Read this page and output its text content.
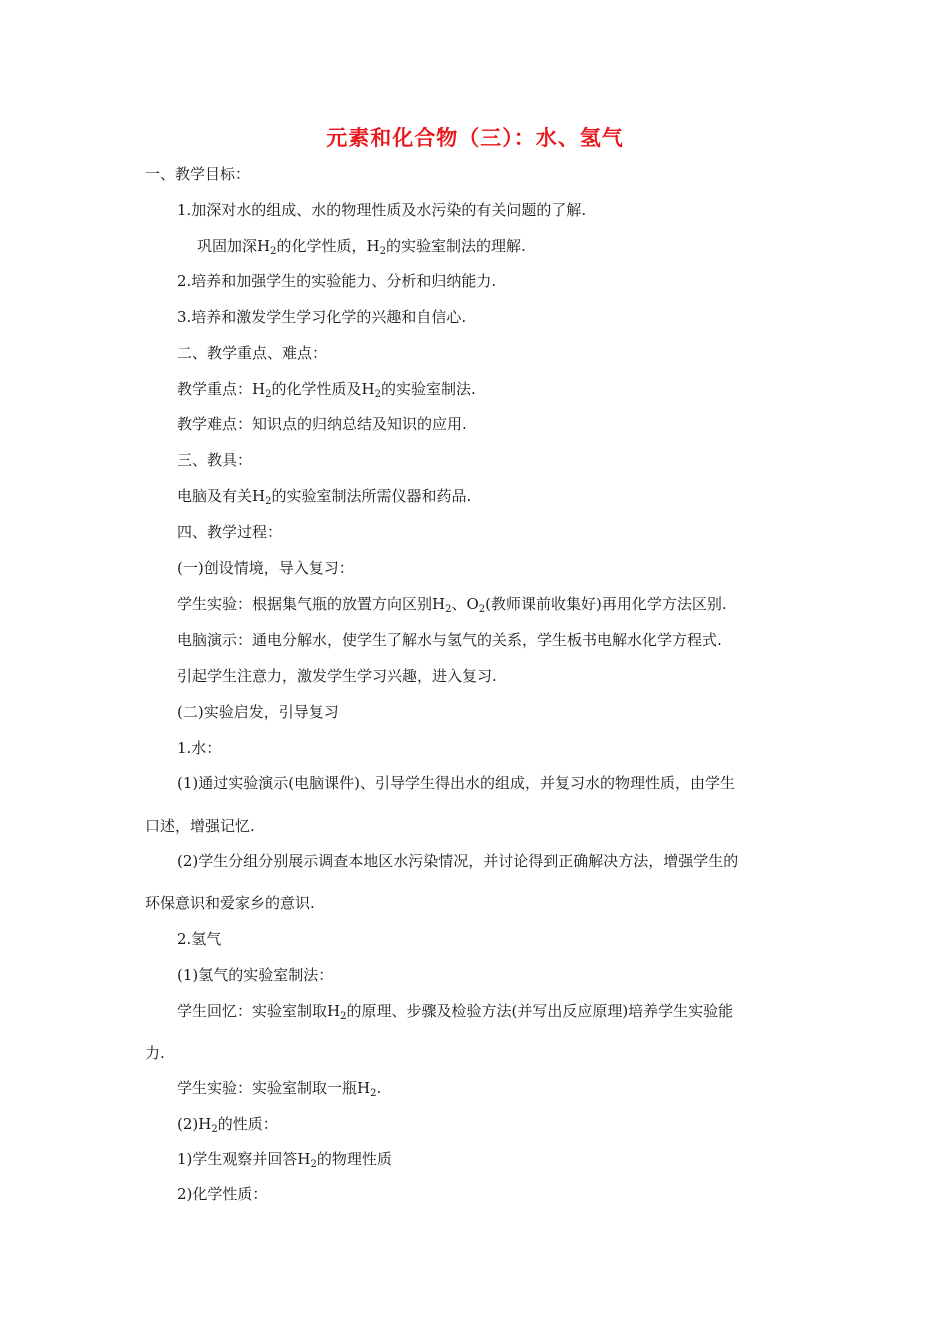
元素和化合物（三）：水、氢气
一、教学目标：
1.加深对水的组成、水的物理性质及水污染的有关问题的了解.
巩固加深$H_2$的化学性质，$H_2$的实验室制法的理解.
2.培养和加强学生的实验能力、分析和归纳能力.
3.培养和激发学生学习化学的兴趣和自信心.
二、教学重点、难点：
教学重点：$H_2$的化学性质及$H_2$的实验室制法.
教学难点：知识点的归纳总结及知识的应用.
三、教具：
电脑及有关$H_2$的实验室制法所需仪器和药品.
四、教学过程：
(一)创设情境，导入复习：
学生实验：根据集气瓶的放置方向区别$H_2$、$O_2$(教师课前收集好)再用化学方法区别.
电脑演示：通电分解水，使学生了解水与氢气的关系，学生板书电解水化学方程式.
引起学生注意力，激发学生学习兴趣，进入复习.
(二)实验启发，引导复习
1.水：
(1)通过实验演示(电脑课件)、引导学生得出水的组成，并复习水的物理性质，由学生
口述，增强记忆.
(2)学生分组分别展示调查本地区水污染情况，并讨论得到正确解决方法，增强学生的
环保意识和爱家乡的意识.
2.氢气
(1)氢气的实验室制法：
学生回忆：实验室制取$H_2$的原理、步骤及检验方法(并写出反应原理)培养学生实验能
力.
学生实验：实验室制取一瓶$H_2$.
$(2)H_2$的性质：
1)学生观察并回答$H_2$的物理性质
2)化学性质：
